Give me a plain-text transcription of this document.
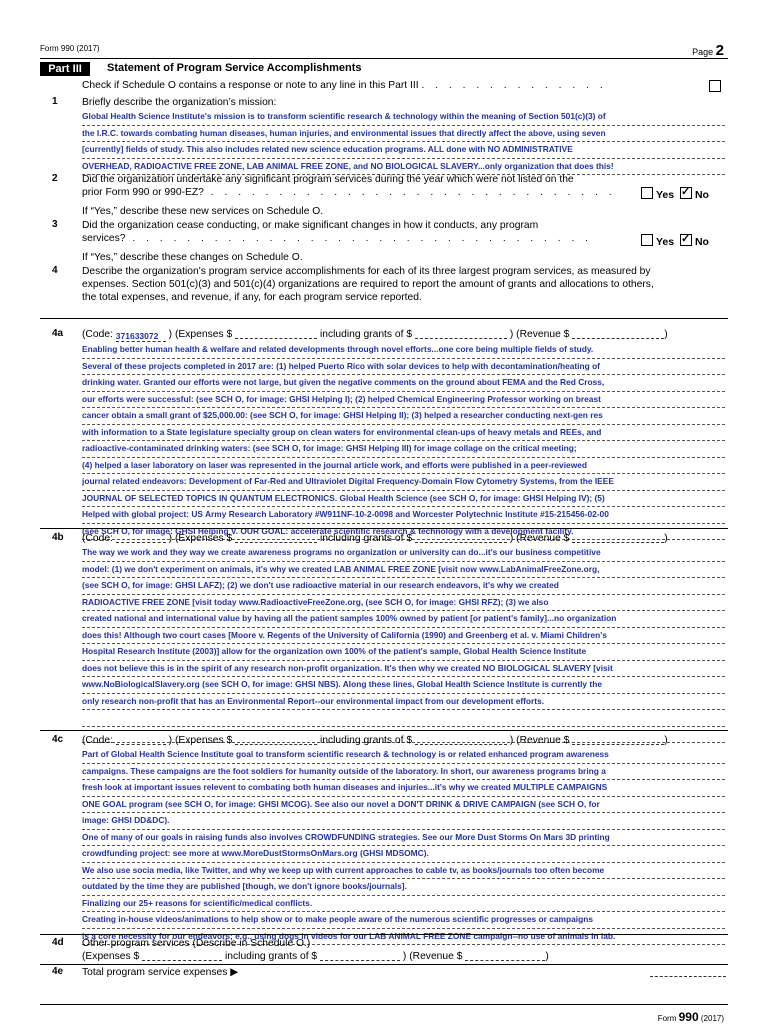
Form 990 (2017)	Page 2
Part III	Statement of Program Service Accomplishments
Check if Schedule O contains a response or note to any line in this Part III . . . . . . . . . . . . . .
1 Briefly describe the organization’s mission:
Global Health Science Institute's mission is to transform scientific research & technology within the meaning of Section 501(c)(3) of
the I.R.C. towards combating human diseases, human injuries, and environmental issues that directly affect the above, using seven
[currently] fields of study. This also includes related new science education programs. ALL done with NO ADMINISTRATIVE
OVERHEAD, RADIOACTIVE FREE ZONE, LAB ANIMAL FREE ZONE, and NO BIOLOGICAL SLAVERY...only organization that does this!
2 Did the organization undertake any significant program services during the year which were not listed on the
prior Form 990 or 990-EZ? . . . . . . . . . . . . . . . . . . . . . . . . . . . . . .	Yes ✓ No
If “Yes,” describe these new services on Schedule O.
3 Did the organization cease conducting, or make significant changes in how it conducts, any program
services? . . . . . . . . . . . . . . . . . . . . . . . . . . . . . . . . . .	Yes ✓ No
If “Yes,” describe these changes on Schedule O.
4 Describe the organization's program service accomplishments for each of its three largest program services, as measured by
expenses. Section 501(c)(3) and 501(c)(4) organizations are required to report the amount of grants and allocations to others,
the total expenses, and revenue, if any, for each program service reported.
4a (Code: 371633072 ) (Expenses $	including grants of $	) (Revenue $	)
Enabling better human health & welfare and related developments through novel efforts...one core being multiple fields of study.
Several of these projects completed in 2017 are: (1) helped Puerto Rico with solar devices to help with decontamination/heating of
drinking water. Granted our efforts were not large, but given the negative comments on the ground about FEMA and the Red Cross,
our efforts were successful: (see SCH O, for image: GHSI Helping I); (2) helped Chemical Engineering Professor working on breast
cancer obtain a small grant of $25,000.00: (see SCH O, for image: GHSI Helping II); (3) helped a researcher conducting next-gen res
with information to a State legislature specialty group on clean waters for environmental clean-ups of heavy metals and REEs, and
radioactive-contaminated drinking waters: (see SCH O, for image: GHSI Helping III) for image collage on the critical meeting;
(4) helped a laser laboratory on laser was represented in the journal article work, and efforts were published in a peer-reviewed
journal related endeavors: Development of Far-Red and Ultraviolet Digital Frequency-Domain Flow Cytometry Systems, from the IEEE
JOURNAL OF SELECTED TOPICS IN QUANTUM ELECTRONICS. Global Health Science (see SCH O, for image: GHSI Helping IV); (5)
Helped with global project: US Army Research Laboratory #W911NF-10-2-0098 and Worcester Polytechnic Institute #15-215456-02-00
(see SCH O, for image: GHSI Helping V. OUR GOAL: accelerate scientific research & technology with a development facility.
4b (Code:	) (Expenses $	including grants of $	) (Revenue $	)
The way we work and they way we create awareness programs no organization or university can do...it's our business competitive
model: (1) we don't experiment on animals, it's why we created LAB ANIMAL FREE ZONE [visit now www.LabAnimalFreeZone.org,
(see SCH O, for image: GHSI LAFZ); (2) we don't use radioactive material in our research endeavors, it's why we created
RADIOACTIVE FREE ZONE [visit today www.RadioactiveFreeZone.org, (see SCH O, for image: GHSI RFZ); (3) we also
created national and international value by having all the patient samples 100% owned by patient [or patient's family]...no organization
does this! Although two court cases [Moore v. Regents of the University of California (1990) and Greenberg et al. v. Miami Children's
Hospital Research Institute (2003)] allow for the organization own 100% of the patient's sample, Global Health Science Institute
does not believe this is in the spirit of any research non-profit organization. It's then why we created NO BIOLOGICAL SLAVERY [visit
www.NoBiologicalSlavery.org (see SCH O, for image: GHSI NBS). Along these lines, Global Health Science Institute is currently the
only research non-profit that has an Environmental Report--our environmental impact from our development efforts.
4c (Code:	) (Expenses $	including grants of $	) (Revenue $	)
Part of Global Health Science Institute goal to transform scientific research & technology is or related enhanced program awareness
campaigns. These campaigns are the foot soldiers for humanity outside of the laboratory. In short, our awareness programs bring a
fresh look at important issues relevent to combating both human diseases and injuries...it's why we created MULTIPLE CAMPAIGNS
ONE GOAL program (see SCH O, for image: GHSI MCOG). See also our novel a DON'T DRINK & DRIVE CAMPAIGN (see SCH O, for
image: GHSI DD&DC).
One of many of our goals in raising funds also involves CROWDFUNDING strategies. See our More Dust Storms On Mars 3D printing
crowdfunding project: see more at www.MoreDustStormsOnMars.org (GHSI MDSOMC).
We also use socia media, like Twitter, and why we keep up with current approaches to cable tv, as books/journals too often become
outdated by the time they are published [though, we don't ignore books/journals].
Finalizing our 25+ reasons for scientific/medical conflicts.
Creating in-house videos/animations to help show or to make people aware of the numerous scientific progresses or campaigns
is a core necessity for our endeavors; e.g., using dogs in videos for our LAB ANIMAL FREE ZONE campaign--no use of animals in lab.
4d Other program services (Describe in Schedule O.)
(Expenses $	including grants of $	) (Revenue $	)
4e Total program service expenses ▶
Form 990 (2017)
